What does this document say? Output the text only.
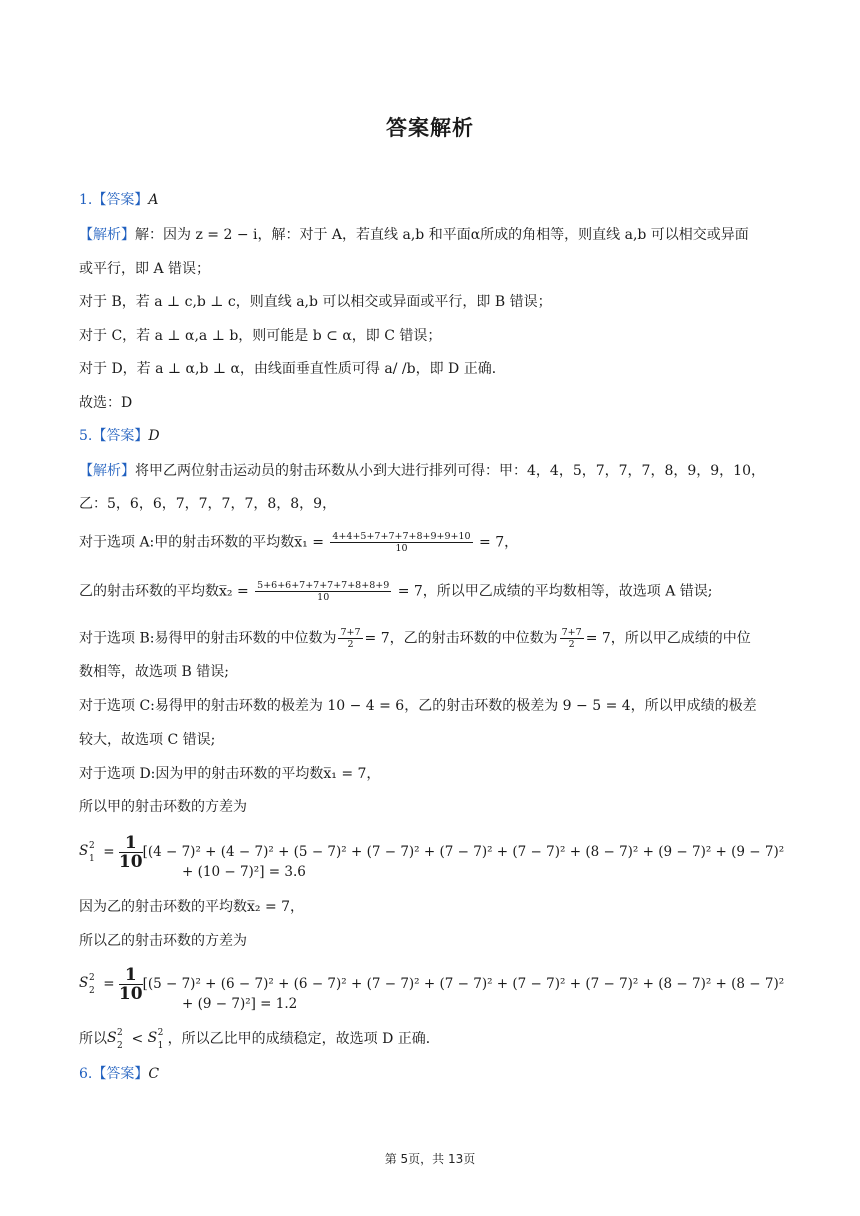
答案解析
1.【答案】A
【解析】解：因为 z = 2 − i，解：对于 A，若直线 a,b 和平面α所成的角相等，则直线 a,b 可以相交或异面
或平行，即 A 错误；
对于 B，若 a ⊥ c,b ⊥ c，则直线 a,b 可以相交或异面或平行，即 B 错误；
对于 C，若 a ⊥ α,a ⊥ b，则可能是 b ⊂ α，即 C 错误；
对于 D，若 a ⊥ α,b ⊥ α，由线面垂直性质可得 a/ /b，即 D 正确．
故选：D
5.【答案】D
【解析】将甲乙两位射击运动员的射击环数从小到大进行排列可得：甲：4，4，5，7，7，7，8，9，9，10，
乙：5，6，6，7，7，7，7，8，8，9，
对于选项 A:甲的射击环数的平均数x̅₁ = $\frac{4+4+5+7+7+7+8+9+9+10}{10} = 7$，
乙的射击环数的平均数x̅₂ = $\frac{5+6+6+7+7+7+7+8+8+9}{10} = 7$，所以甲乙成绩的平均数相等，故选项 A 错误;
对于选项 B:易得甲的射击环数的中位数为 $\frac{7+7}{2} = 7$，乙的射击环数的中位数为 $\frac{7+7}{2} = 7$，所以甲乙成绩的中位
数相等，故选项 B 错误;
对于选项 C:易得甲的射击环数的极差为 10 − 4 = 6，乙的射击环数的极差为 9 − 5 = 4，所以甲成绩的极差
较大，故选项 C 错误;
对于选项 D:因为甲的射击环数的平均数x̅₁ = 7，
所以甲的射击环数的方差为
S 2
$1 = \frac{1}{10} [(4 - 7)^2 + (4 - 7)^2 + (5 - 7)^2 + (7 - 7)^2 + (7 - 7)^2 + (7 - 7)^2 + (8 - 7)^2 + (9 - 7)^2 + (9 - 7)^2$
+ (10 − 7)²] = 3.6
因为乙的射击环数的平均数x̅₂ = 7，
所以乙的射击环数的方差为
S 2
$2 = \frac{1}{10} [(5 - 7)^2 + (6 - 7)^2 + (6 - 7)^2 + (7 - 7)^2 + (7 - 7)^2 + (7 - 7)^2 + (7 - 7)^2 + (8 - 7)^2 + (8 - 7)^2$
+ (9 − 7)²] = 1.2
所以 S 2
2 < S 2
1 ，所以乙比甲的成绩稳定，故选项 D 正确．
6.【答案】C
第 5页，共 13页
